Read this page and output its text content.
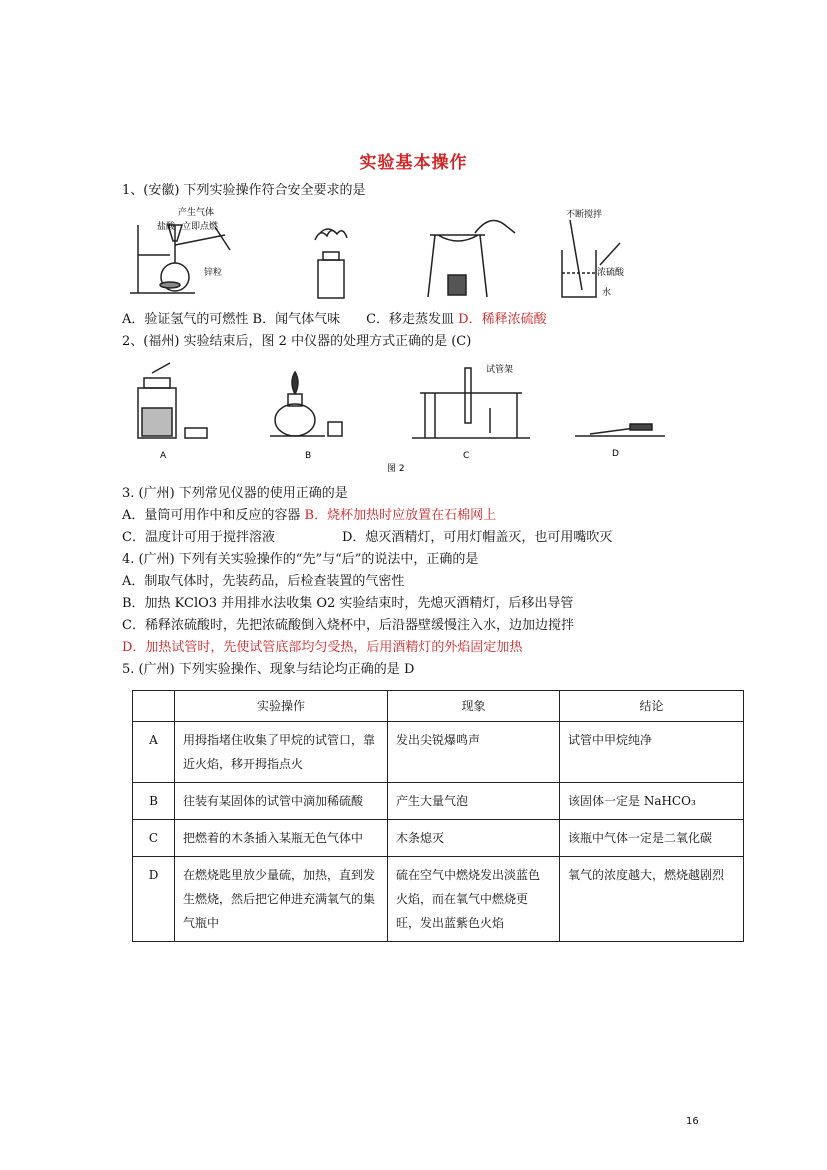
实验基本操作
1、(安徽) 下列实验操作符合安全要求的是
产生气体
盐酸 立即点燃
锌粒
不断搅拌
浓硫酸
水
A．验证氢气的可燃性 B．闻气体气味　　C．移走蒸发皿 D．稀释浓硫酸
2、(福州) 实验结束后，图 2 中仪器的处理方式正确的是 (C)
A	B
试管架
C	D
图 2
3. (广州) 下列常见仪器的使用正确的是
A．量筒可用作中和反应的容器 B．烧杯加热时应放置在石棉网上
C．温度计可用于搅拌溶液	D．熄灭酒精灯，可用灯帽盖灭，也可用嘴吹灭
4. (广州) 下列有关实验操作的“先”与“后”的说法中，正确的是
A．制取气体时，先装药品，后检查装置的气密性
B．加热 KClO3 并用排水法收集 O2 实验结束时，先熄灭酒精灯，后移出导管
C．稀释浓硫酸时，先把浓硫酸倒入烧杯中，后沿器壁缓慢注入水，边加边搅拌
D．加热试管时，先使试管底部均匀受热，后用酒精灯的外焰固定加热
5. (广州) 下列实验操作、现象与结论均正确的是 D
	实验操作	现象	结论
A	用拇指堵住收集了甲烷的试管口，靠近火焰，移开拇指点火	发出尖锐爆鸣声	试管中甲烷纯净
B	往装有某固体的试管中滴加稀硫酸	产生大量气泡	该固体一定是 NaHCO₃
C	把燃着的木条插入某瓶无色气体中	木条熄灭	该瓶中气体一定是二氧化碳
D	在燃烧匙里放少量硫，加热，直到发生燃烧，然后把它伸进充满氧气的集气瓶中	硫在空气中燃烧发出淡蓝色火焰，而在氧气中燃烧更旺，发出蓝紫色火焰	氧气的浓度越大，燃烧越剧烈
16
